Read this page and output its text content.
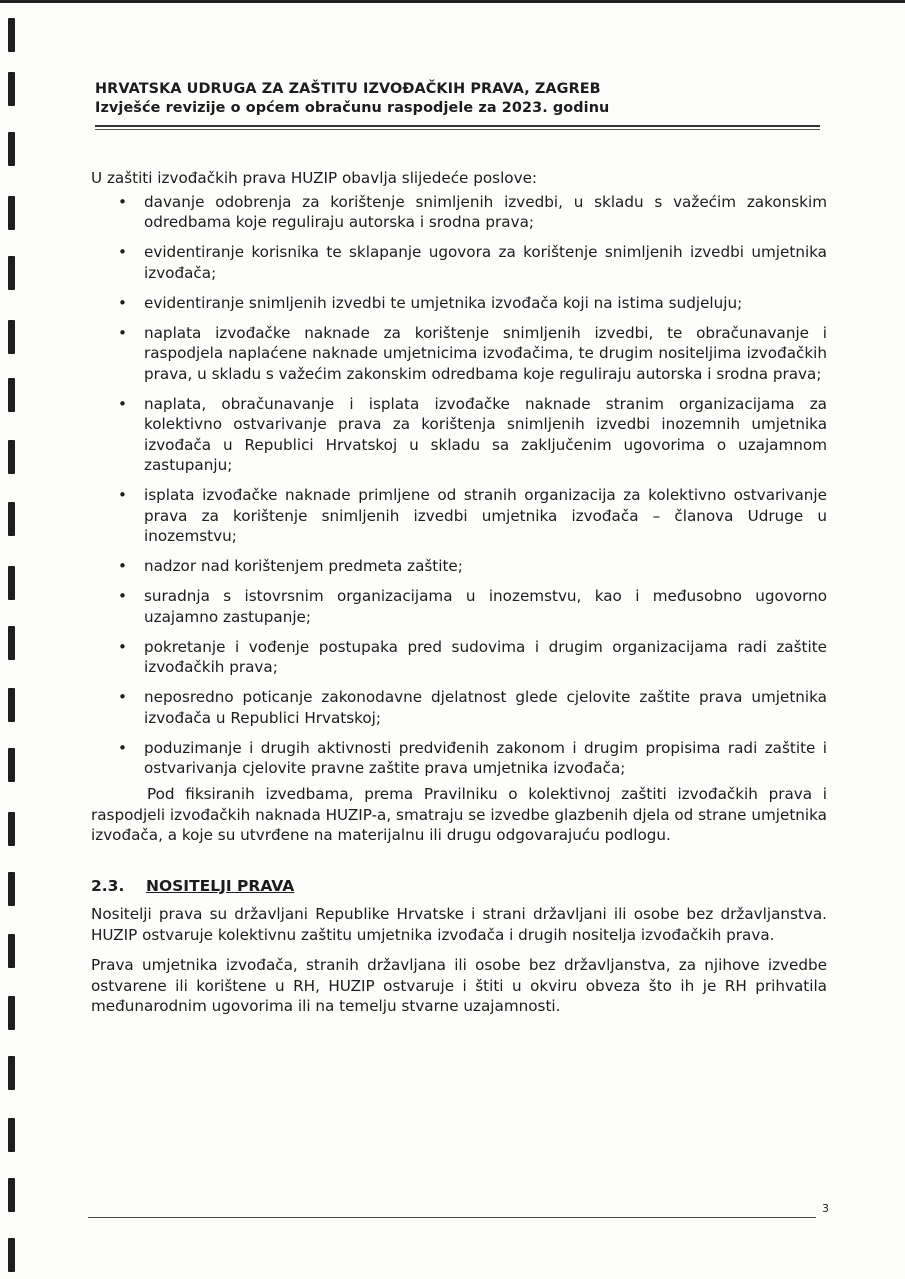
HRVATSKA UDRUGA ZA ZAŠTITU IZVOĐAČKIH PRAVA, ZAGREB
Izvješće revizije o općem obračunu raspodjele za 2023. godinu

U zaštiti izvođačkih prava HUZIP obavlja slijedeće poslove:

• davanje odobrenja za korištenje snimljenih izvedbi, u skladu s važećim zakonskim odredbama koje reguliraju autorska i srodna prava;
• evidentiranje korisnika te sklapanje ugovora za korištenje snimljenih izvedbi umjetnika izvođača;
• evidentiranje snimljenih izvedbi te umjetnika izvođača koji na istima sudjeluju;
• naplata izvođačke naknade za korištenje snimljenih izvedbi, te obračunavanje i raspodjela naplaćene naknade umjetnicima izvođačima, te drugim nositeljima izvođačkih prava, u skladu s važećim zakonskim odredbama koje reguliraju autorska i srodna prava;
• naplata, obračunavanje i isplata izvođačke naknade stranim organizacijama za kolektivno ostvarivanje prava za korištenja snimljenih izvedbi inozemnih umjetnika izvođača u Republici Hrvatskoj u skladu sa zaključenim ugovorima o uzajamnom zastupanju;
• isplata izvođačke naknade primljene od stranih organizacija za kolektivno ostvarivanje prava za korištenje snimljenih izvedbi umjetnika izvođača – članova Udruge u inozemstvu;
• nadzor nad korištenjem predmeta zaštite;
• suradnja s istovrsnim organizacijama u inozemstvu, kao i međusobno ugovorno uzajamno zastupanje;
• pokretanje i vođenje postupaka pred sudovima i drugim organizacijama radi zaštite izvođačkih prava;
• neposredno poticanje zakonodavne djelatnost glede cjelovite zaštite prava umjetnika izvođača u Republici Hrvatskoj;
• poduzimanje i drugih aktivnosti predviđenih zakonom i drugim propisima radi zaštite i ostvarivanja cjelovite pravne zaštite prava umjetnika izvođača;

Pod fiksiranih izvedbama, prema Pravilniku o kolektivnoj zaštiti izvođačkih prava i raspodjeli izvođačkih naknada HUZIP-a, smatraju se izvedbe glazbenih djela od strane umjetnika izvođača, a koje su utvrđene na materijalnu ili drugu odgovarajuću podlogu.

2.3. NOSITELJI PRAVA

Nositelji prava su državljani Republike Hrvatske i strani državljani ili osobe bez državljanstva. HUZIP ostvaruje kolektivnu zaštitu umjetnika izvođača i drugih nositelja izvođačkih prava.

Prava umjetnika izvođača, stranih državljana ili osobe bez državljanstva, za njihove izvedbe ostvarene ili korištene u RH, HUZIP ostvaruje i štiti u okviru obveza što ih je RH prihvatila međunarodnim ugovorima ili na temelju stvarne uzajamnosti.

3
